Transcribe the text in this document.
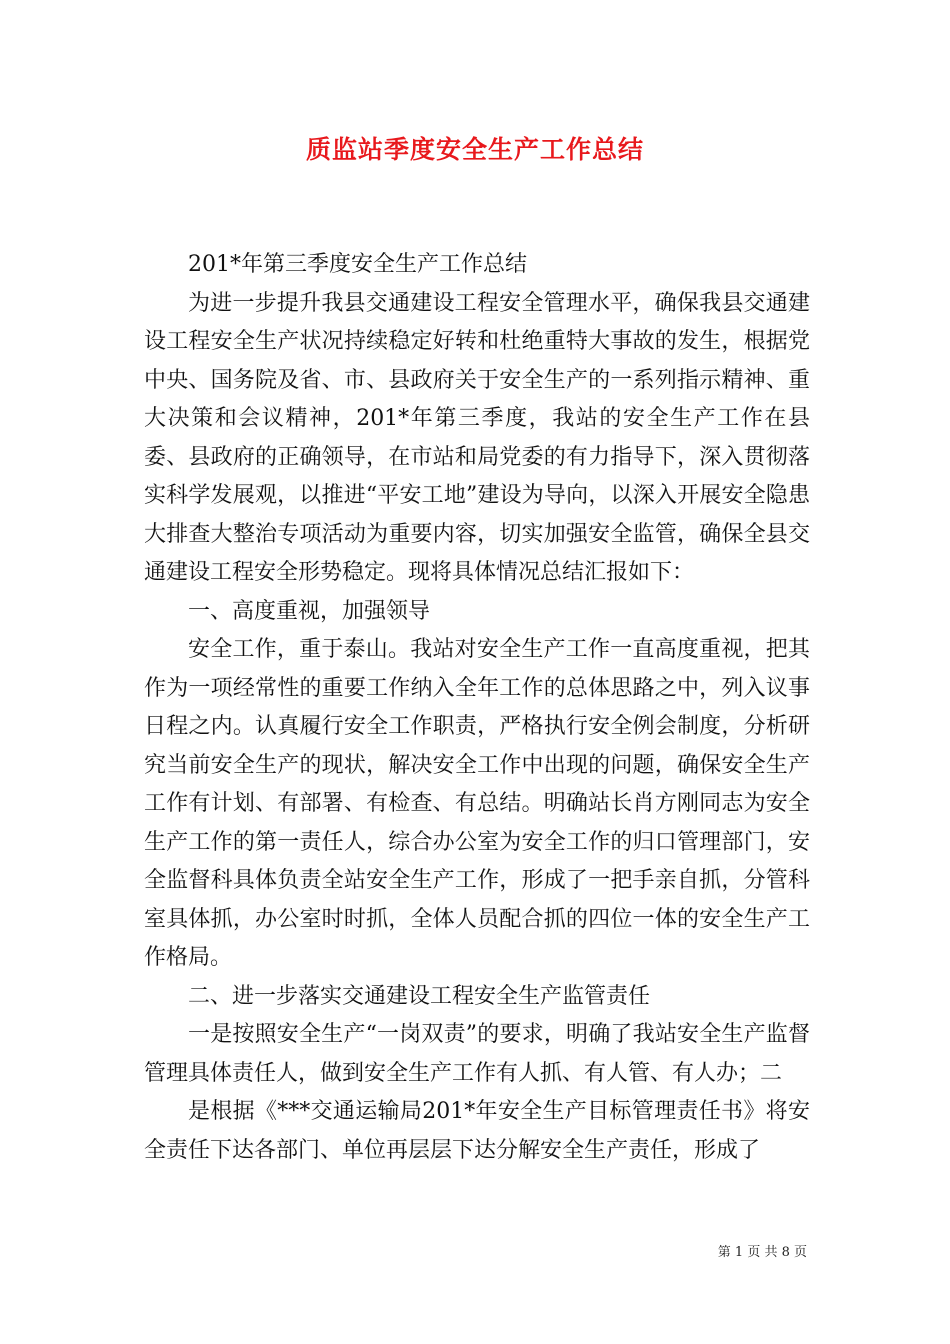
质监站季度安全生产工作总结

201*年第三季度安全生产工作总结

为进一步提升我县交通建设工程安全管理水平，确保我县交通建设工程安全生产状况持续稳定好转和杜绝重特大事故的发生，根据党中央、国务院及省、市、县政府关于安全生产的一系列指示精神、重大决策和会议精神，201*年第三季度，我站的安全生产工作在县委、县政府的正确领导，在市站和局党委的有力指导下，深入贯彻落实科学发展观，以推进“平安工地”建设为导向，以深入开展安全隐患大排查大整治专项活动为重要内容，切实加强安全监管，确保全县交通建设工程安全形势稳定。现将具体情况总结汇报如下：

一、高度重视，加强领导

安全工作，重于泰山。我站对安全生产工作一直高度重视，把其作为一项经常性的重要工作纳入全年工作的总体思路之中，列入议事日程之内。认真履行安全工作职责，严格执行安全例会制度，分析研究当前安全生产的现状，解决安全工作中出现的问题，确保安全生产工作有计划、有部署、有检查、有总结。明确站长肖方刚同志为安全生产工作的第一责任人，综合办公室为安全工作的归口管理部门，安全监督科具体负责全站安全生产工作，形成了一把手亲自抓，分管科室具体抓，办公室时时抓，全体人员配合抓的四位一体的安全生产工作格局。

二、进一步落实交通建设工程安全生产监管责任

一是按照安全生产“一岗双责”的要求，明确了我站安全生产监督管理具体责任人，做到安全生产工作有人抓、有人管、有人办；二

是根据《***交通运输局201*年安全生产目标管理责任书》将安全责任下达各部门、单位再层层下达分解安全生产责任，形成了

第 1 页 共 8 页
